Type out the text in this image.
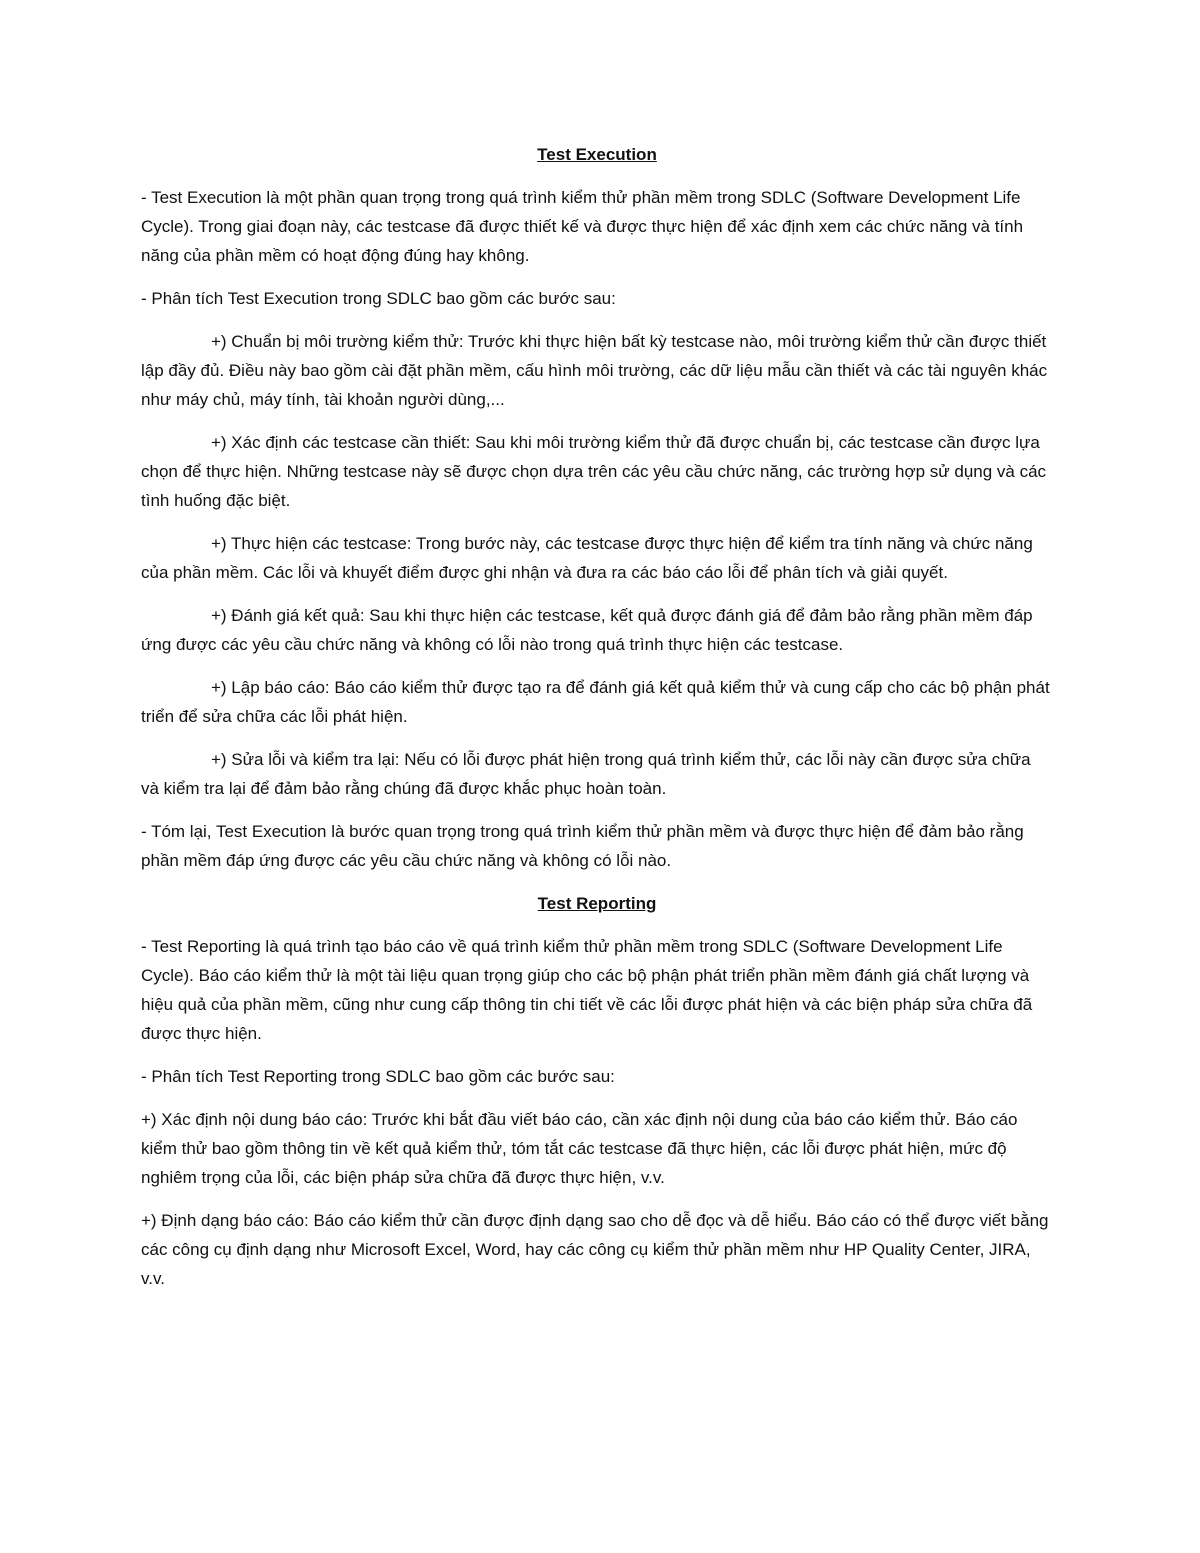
Test Execution

- Test Execution là một phần quan trọng trong quá trình kiểm thử phần mềm trong SDLC (Software Development Life Cycle). Trong giai đoạn này, các testcase đã được thiết kế và được thực hiện để xác định xem các chức năng và tính năng của phần mềm có hoạt động đúng hay không.

- Phân tích Test Execution trong SDLC bao gồm các bước sau:

+) Chuẩn bị môi trường kiểm thử: Trước khi thực hiện bất kỳ testcase nào, môi trường kiểm thử cần được thiết lập đầy đủ. Điều này bao gồm cài đặt phần mềm, cấu hình môi trường, các dữ liệu mẫu cần thiết và các tài nguyên khác như máy chủ, máy tính, tài khoản người dùng,...

+) Xác định các testcase cần thiết: Sau khi môi trường kiểm thử đã được chuẩn bị, các testcase cần được lựa chọn để thực hiện. Những testcase này sẽ được chọn dựa trên các yêu cầu chức năng, các trường hợp sử dụng và các tình huống đặc biệt.

+) Thực hiện các testcase: Trong bước này, các testcase được thực hiện để kiểm tra tính năng và chức năng của phần mềm. Các lỗi và khuyết điểm được ghi nhận và đưa ra các báo cáo lỗi để phân tích và giải quyết.

+) Đánh giá kết quả: Sau khi thực hiện các testcase, kết quả được đánh giá để đảm bảo rằng phần mềm đáp ứng được các yêu cầu chức năng và không có lỗi nào trong quá trình thực hiện các testcase.

+) Lập báo cáo: Báo cáo kiểm thử được tạo ra để đánh giá kết quả kiểm thử và cung cấp cho các bộ phận phát triển để sửa chữa các lỗi phát hiện.

+) Sửa lỗi và kiểm tra lại: Nếu có lỗi được phát hiện trong quá trình kiểm thử, các lỗi này cần được sửa chữa và kiểm tra lại để đảm bảo rằng chúng đã được khắc phục hoàn toàn.

- Tóm lại, Test Execution là bước quan trọng trong quá trình kiểm thử phần mềm và được thực hiện để đảm bảo rằng phần mềm đáp ứng được các yêu cầu chức năng và không có lỗi nào.

Test Reporting

- Test Reporting là quá trình tạo báo cáo về quá trình kiểm thử phần mềm trong SDLC (Software Development Life Cycle). Báo cáo kiểm thử là một tài liệu quan trọng giúp cho các bộ phận phát triển phần mềm đánh giá chất lượng và hiệu quả của phần mềm, cũng như cung cấp thông tin chi tiết về các lỗi được phát hiện và các biện pháp sửa chữa đã được thực hiện.

- Phân tích Test Reporting trong SDLC bao gồm các bước sau:

+) Xác định nội dung báo cáo: Trước khi bắt đầu viết báo cáo, cần xác định nội dung của báo cáo kiểm thử. Báo cáo kiểm thử bao gồm thông tin về kết quả kiểm thử, tóm tắt các testcase đã thực hiện, các lỗi được phát hiện, mức độ nghiêm trọng của lỗi, các biện pháp sửa chữa đã được thực hiện, v.v.

+) Định dạng báo cáo: Báo cáo kiểm thử cần được định dạng sao cho dễ đọc và dễ hiểu. Báo cáo có thể được viết bằng các công cụ định dạng như Microsoft Excel, Word, hay các công cụ kiểm thử phần mềm như HP Quality Center, JIRA, v.v.
